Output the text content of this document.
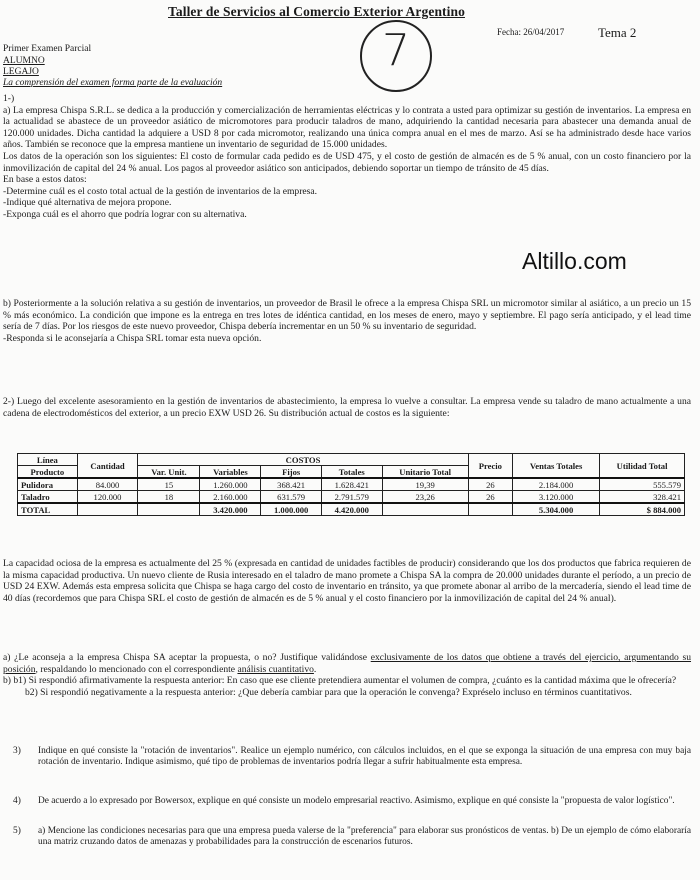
Taller de Servicios al Comercio Exterior Argentino
Fecha: 26/04/2017	Tema 2
7
Primer Examen Parcial
ALUMNO
LEGAJO
La comprensión del examen forma parte de la evaluación
Altillo.com

1-)

a) La empresa Chispa S.R.L. se dedica a la producción y comercialización de herramientas eléctricas y lo contrata a usted para optimizar su gestión de inventarios. La empresa en la actualidad se abastece de un proveedor asiático de micromotores para producir taladros de mano, adquiriendo la cantidad necesaria para abastecer una demanda anual de 120.000 unidades. Dicha cantidad la adquiere a USD 8 por cada micromotor, realizando una única compra anual en el mes de marzo. Así se ha administrado desde hace varios años. También se reconoce que la empresa mantiene un inventario de seguridad de 15.000 unidades.

Los datos de la operación son los siguientes: El costo de formular cada pedido es de USD 475, y el costo de gestión de almacén es de 5 % anual, con un costo financiero por la inmovilización de capital del 24 % anual. Los pagos al proveedor asiático son anticipados, debiendo soportar un tiempo de tránsito de 45 días.

En base a estos datos:

-Determine cuál es el costo total actual de la gestión de inventarios de la empresa.

-Indique qué alternativa de mejora propone.

-Exponga cuál es el ahorro que podría lograr con su alternativa.

b) Posteriormente a la solución relativa a su gestión de inventarios, un proveedor de Brasil le ofrece a la empresa Chispa SRL un micromotor similar al asiático, a un precio un 15 % más económico. La condición que impone es la entrega en tres lotes de idéntica cantidad, en los meses de enero, mayo y septiembre. El pago sería anticipado, y el lead time sería de 7 días. Por los riesgos de este nuevo proveedor, Chispa debería incrementar en un 50 % su inventario de seguridad.

-Responda si le aconsejaría a Chispa SRL tomar esta nueva opción.

2-) Luego del excelente asesoramiento en la gestión de inventarios de abastecimiento, la empresa lo vuelve a consultar. La empresa vende su taladro de mano actualmente a una cadena de electrodomésticos del exterior, a un precio EXW USD 26. Su distribución actual de costos es la siguiente:
Línea	Cantidad	COSTOS					Precio	Ventas Totales	Utilidad Total
Producto		Var. Unit.	Variables	Fijos	Totales	Unitario Total			
Pulidora	84.000	15	1.260.000	368.421	1.628.421	19,39	26	2.184.000	555.579
Taladro	120.000	18	2.160.000	631.579	2.791.579	23,26	26	3.120.000	328.421
TOTAL			3.420.000	1.000.000	4.420.000			5.304.000	$ 884.000
La capacidad ociosa de la empresa es actualmente del 25 % (expresada en cantidad de unidades factibles de producir) considerando que los dos productos que fabrica requieren de la misma capacidad productiva. Un nuevo cliente de Rusia interesado en el taladro de mano promete a Chispa SA la compra de 20.000 unidades durante el período, a un precio de USD 24 EXW. Además esta empresa solicita que Chispa se haga cargo del costo de inventario en tránsito, ya que promete abonar al arribo de la mercadería, siendo el lead time de 40 días (recordemos que para Chispa SRL el costo de gestión de almacén es de 5 % anual y el costo financiero por la inmovilización de capital del 24 % anual).

a) ¿Le aconseja a la empresa Chispa SA aceptar la propuesta, o no? Justifique validándose exclusivamente de los datos que obtiene a través del ejercicio, argumentando su posición, respaldando lo mencionado con el correspondiente análisis cuantitativo.

b) b1) Si respondió afirmativamente la respuesta anterior: En caso que ese cliente pretendiera aumentar el volumen de compra, ¿cuánto es la cantidad máxima que le ofrecería?

b2) Si respondió negativamente a la respuesta anterior: ¿Que debería cambiar para que la operación le convenga? Expréselo incluso en términos cuantitativos.

3) Indique en qué consiste la "rotación de inventarios". Realice un ejemplo numérico, con cálculos incluidos, en el que se exponga la situación de una empresa con muy baja rotación de inventario. Indique asimismo, qué tipo de problemas de inventarios podría llegar a sufrir habitualmente esta empresa.
4) De acuerdo a lo expresado por Bowersox, explique en qué consiste un modelo empresarial reactivo. Asimismo, explique en qué consiste la "propuesta de valor logístico".
5) a) Mencione las condiciones necesarias para que una empresa pueda valerse de la "preferencia" para elaborar sus pronósticos de ventas. b) De un ejemplo de cómo elaboraría una matriz cruzando datos de amenazas y probabilidades para la construcción de escenarios futuros.
